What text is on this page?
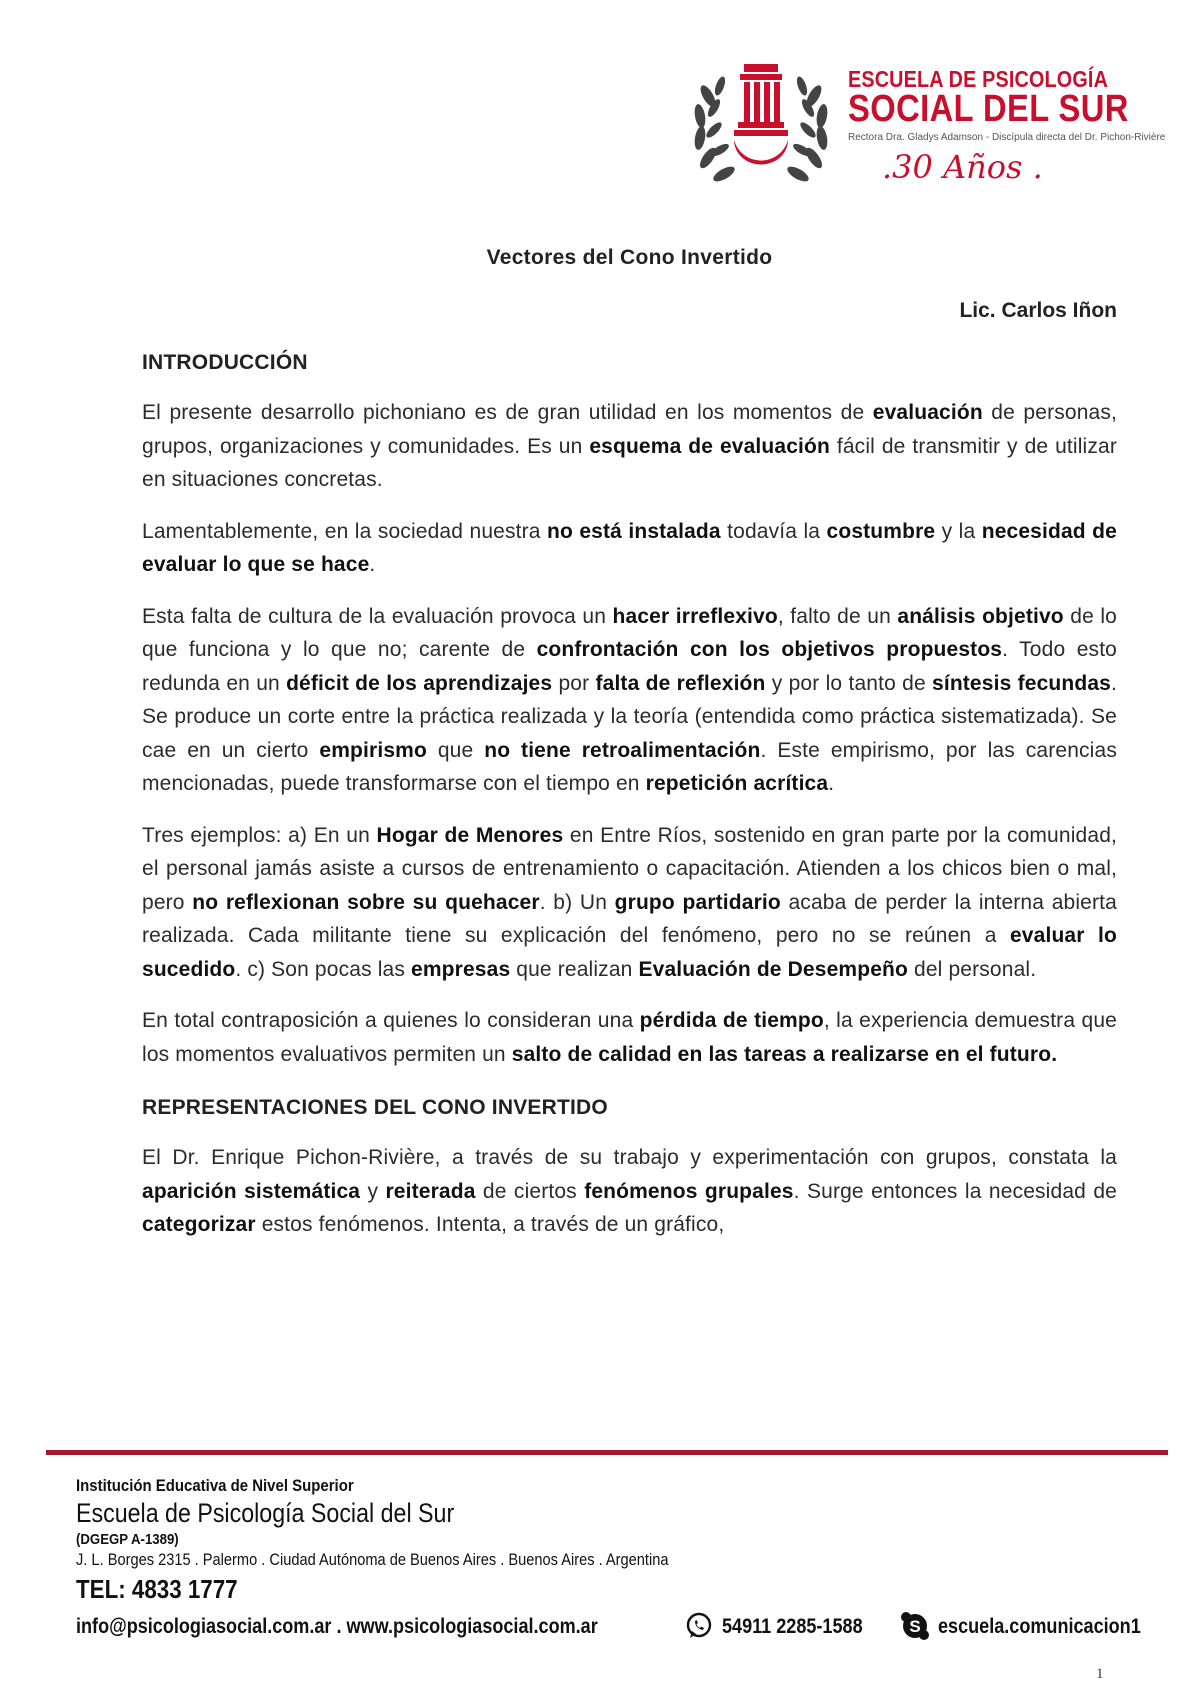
ESCUELA DE PSICOLOGÍA
SOCIAL DEL SUR
Rectora Dra. Gladys Adamson - Discípula directa del Dr. Pichon-Rivière
.30 Años .
Vectores del Cono Invertido
Lic. Carlos Iñon
INTRODUCCIÓN

El presente desarrollo pichoniano es de gran utilidad en los momentos de evaluación de personas, grupos, organizaciones y comunidades. Es un esquema de evaluación fácil de transmitir y de utilizar en situaciones concretas.

Lamentablemente, en la sociedad nuestra no está instalada todavía la costumbre y la necesidad de evaluar lo que se hace.

Esta falta de cultura de la evaluación provoca un hacer irreflexivo, falto de un análisis objetivo de lo que funciona y lo que no; carente de confrontación con los objetivos propuestos. Todo esto redunda en un déficit de los aprendizajes por falta de reflexión y por lo tanto de síntesis fecundas. Se produce un corte entre la práctica realizada y la teoría (entendida como práctica sistematizada). Se cae en un cierto empirismo que no tiene retroalimentación. Este empirismo, por las carencias mencionadas, puede transformarse con el tiempo en repetición acrítica.

Tres ejemplos: a) En un Hogar de Menores en Entre Ríos, sostenido en gran parte por la comunidad, el personal jamás asiste a cursos de entrenamiento o capacitación. Atienden a los chicos bien o mal, pero no reflexionan sobre su quehacer. b) Un grupo partidario acaba de perder la interna abierta realizada. Cada militante tiene su explicación del fenómeno, pero no se reúnen a evaluar lo sucedido. c) Son pocas las empresas que realizan Evaluación de Desempeño del personal.

En total contraposición a quienes lo consideran una pérdida de tiempo, la experiencia demuestra que los momentos evaluativos permiten un salto de calidad en las tareas a realizarse en el futuro.

REPRESENTACIONES DEL CONO INVERTIDO

El Dr. Enrique Pichon-Rivière, a través de su trabajo y experimentación con grupos, constata la aparición sistemática y reiterada de ciertos fenómenos grupales. Surge entonces la necesidad de categorizar estos fenómenos. Intenta, a través de un gráfico,

Institución Educativa de Nivel Superior
Escuela de Psicología Social del Sur
(DGEGP A-1389)
J. L. Borges 2315 . Palermo . Ciudad Autónoma de Buenos Aires . Buenos Aires . Argentina
TEL: 4833 1777
info@psicologiasocial.com.ar . www.psicologiasocial.com.ar	54911 2285-1588	S escuela.comunicacion1
1
